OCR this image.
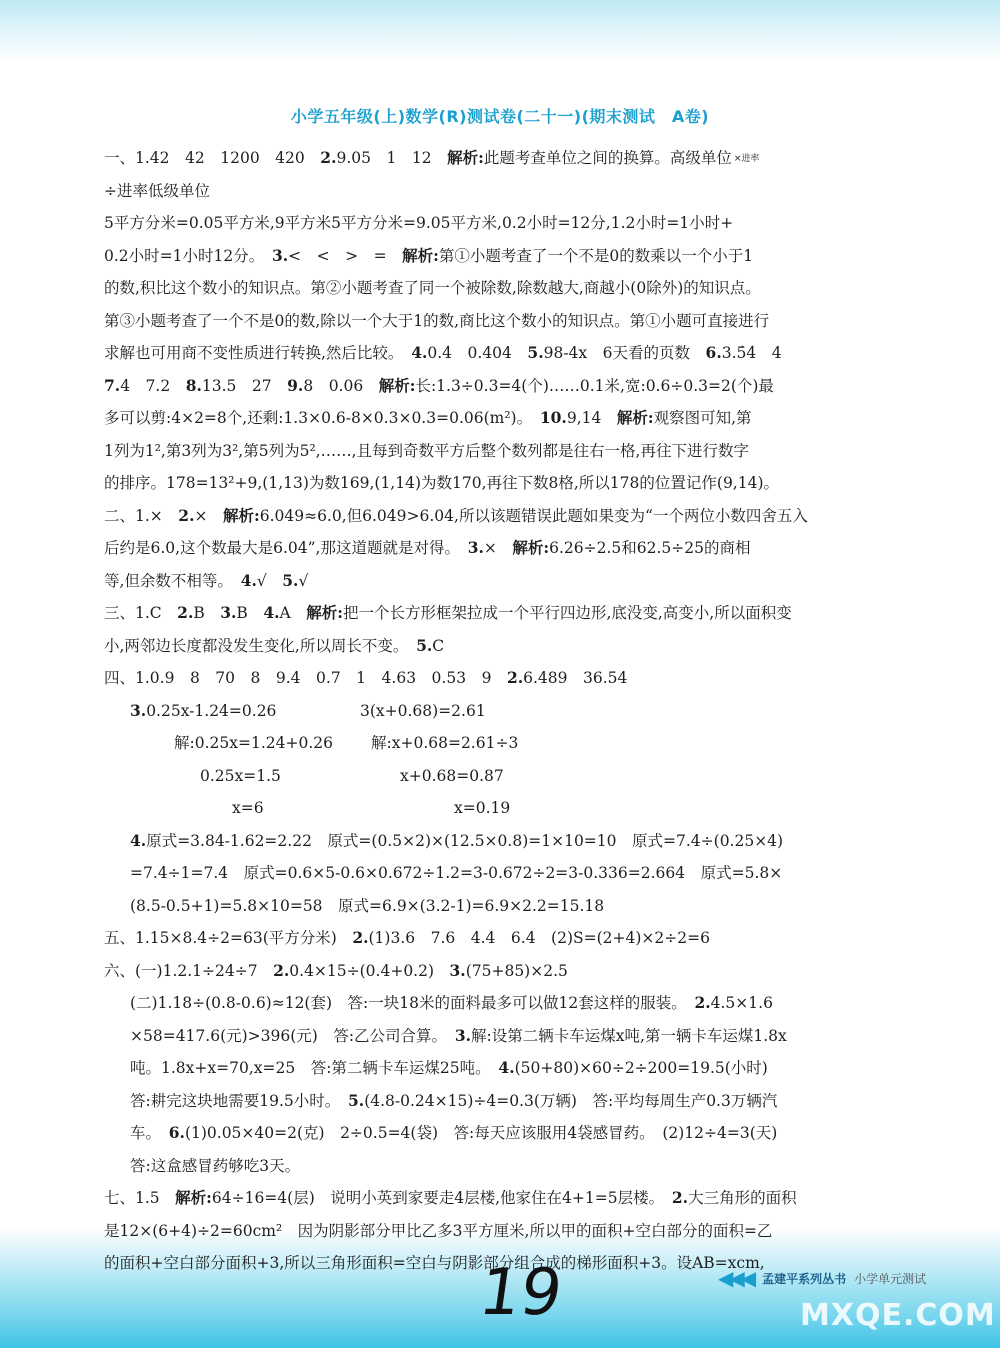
小学五年级(上)数学(R)测试卷(二十一)(期末测试　A卷)

一、1.42　42　1200　420　2.9.05　1　12　解析:此题考查单位之间的换算。高级单位 ×进率

÷进率低级单位

5平方分米=0.05平方米,9平方米5平方分米=9.05平方米,0.2小时=12分,1.2小时=1小时+

0.2小时=1小时12分。　3.<　<　>　=　解析:第①小题考查了一个不是0的数乘以一个小于1

的数,积比这个数小的知识点。第②小题考查了同一个被除数,除数越大,商越小(0除外)的知识点。

第③小题考查了一个不是0的数,除以一个大于1的数,商比这个数小的知识点。第①小题可直接进行

求解也可用商不变性质进行转换,然后比较。　4.0.4̇　0.404　5.98-4x　6天看的页数　6.3.5̇4̇　4

7.4　7.2　8.13.5　27　9.8　0.06　解析:长:1.3÷0.3=4(个)……0.1米,宽:0.6÷0.3=2(个)最

多可以剪:4×2=8个,还剩:1.3×0.6-8×0.3×0.3=0.06(m²)。　10.9,14　解析:观察图可知,第

1列为1²,第3列为3²,第5列为5²,……,且每到奇数平方后整个数列都是往右一格,再往下进行数字

的排序。178=13²+9,(1,13)为数169,(1,14)为数170,再往下数8格,所以178的位置记作(9,14)。

二、1.×　2.×　解析:6.049≈6.0,但6.049>6.04,所以该题错误此题如果变为“一个两位小数四舍五入

后约是6.0,这个数最大是6.04”,那这道题就是对得。　3.×　解析:6.26÷2.5和62.5÷25的商相

等,但余数不相等。　4.√　5.√

三、1.C　2.B　3.B　4.A　解析:把一个长方形框架拉成一个平行四边形,底没变,高变小,所以面积变

小,两邻边长度都没发生变化,所以周长不变。　5.C

四、1.0.9　8　70　8　9.4　0.7　1　4.63　0.53　9　2.6.489　36.54

3.0.25x-1.24=0.26	3(x+0.68)=2.61

解:0.25x=1.24+0.26	解:x+0.68=2.61÷3

0.25x=1.5	x+0.68=0.87

x=6	x=0.19

4.原式=3.84-1.62=2.22　原式=(0.5×2)×(12.5×0.8)=1×10=10　原式=7.4÷(0.25×4)

=7.4÷1=7.4　原式=0.6×5-0.6×0.672÷1.2=3-0.672÷2=3-0.336=2.664　原式=5.8×

(8.5-0.5+1)=5.8×10=58　原式=6.9×(3.2-1)=6.9×2.2=15.18

五、1.15×8.4÷2=63(平方分米)　2.(1)3.6　7.6　4.4　6.4　(2)S=(2+4)×2÷2=6

六、(一)1.2.1÷24÷7　2.0.4×15÷(0.4+0.2)　3.(75+85)×2.5

(二)1.18÷(0.8-0.6)≈12(套)　答:一块18米的面料最多可以做12套这样的服装。　2.4.5×1.6

×58=417.6(元)>396(元)　答:乙公司合算。　3.解:设第二辆卡车运煤x吨,第一辆卡车运煤1.8x

吨。1.8x+x=70,x=25　答:第二辆卡车运煤25吨。　4.(50+80)×60÷2÷200=19.5(小时)

答:耕完这块地需要19.5小时。　5.(4.8-0.24×15)÷4=0.3(万辆)　答:平均每周生产0.3万辆汽

车。　6.(1)0.05×40=2(克)　2÷0.5=4(袋)　答:每天应该服用4袋感冒药。　(2)12÷4=3(天)

答:这盒感冒药够吃3天。

七、1.5　解析:64÷16=4(层)　说明小英到家要走4层楼,他家住在4+1=5层楼。　2.大三角形的面积

是12×(6+4)÷2=60cm²　因为阴影部分甲比乙多3平方厘米,所以甲的面积+空白部分的面积=乙

的面积+空白部分面积+3,所以三角形面积=空白与阴影部分组合成的梯形面积+3。设AB=xcm,

19	◀◀◀ 孟建平系列丛书 小学单元测试
MXQE.COM
